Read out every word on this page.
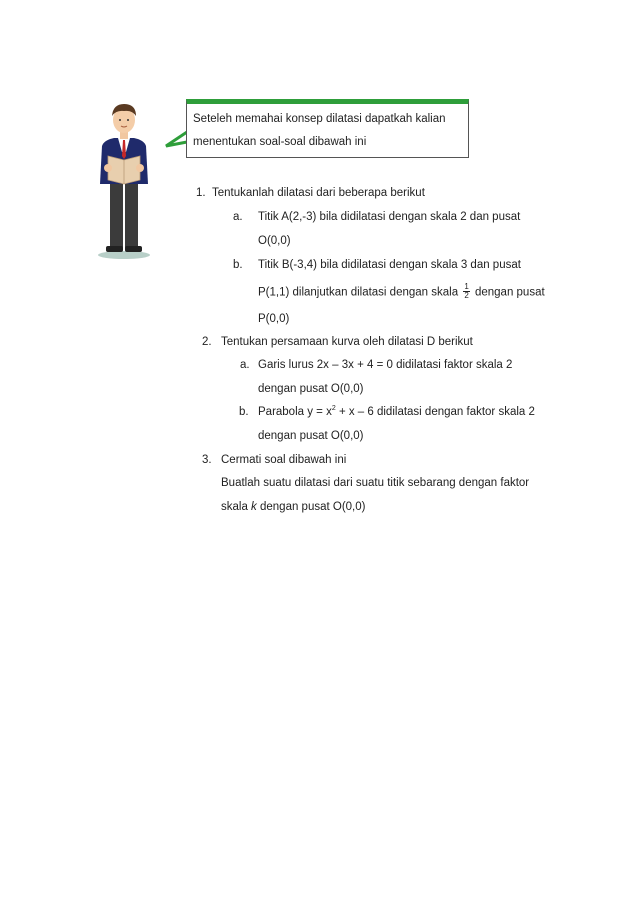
Seteleh memahai konsep dilatasi dapatkah kalian
menentukan soal-soal dibawah ini
1. Tentukanlah dilatasi dari beberapa berikut
a. Titik A(2,-3) bila didilatasi dengan skala 2 dan pusat
O(0,0)
b. Titik B(-3,4) bila didilatasi dengan skala 3 dan pusat
P(1,1) dilanjutkan dilatasi dengan skala $\frac{1}{2}$ dengan pusat
P(0,0)
2. Tentukan persamaan kurva oleh dilatasi D berikut
a. Garis lurus 2x – 3x + 4 = 0 didilatasi faktor skala 2
dengan pusat O(0,0)
b. Parabola $y = x^2 + x - 6$ didilatasi dengan faktor skala 2
dengan pusat O(0,0)
3. Cermati soal dibawah ini
Buatlah suatu dilatasi dari suatu titik sebarang dengan faktor
skala k dengan pusat O(0,0)
